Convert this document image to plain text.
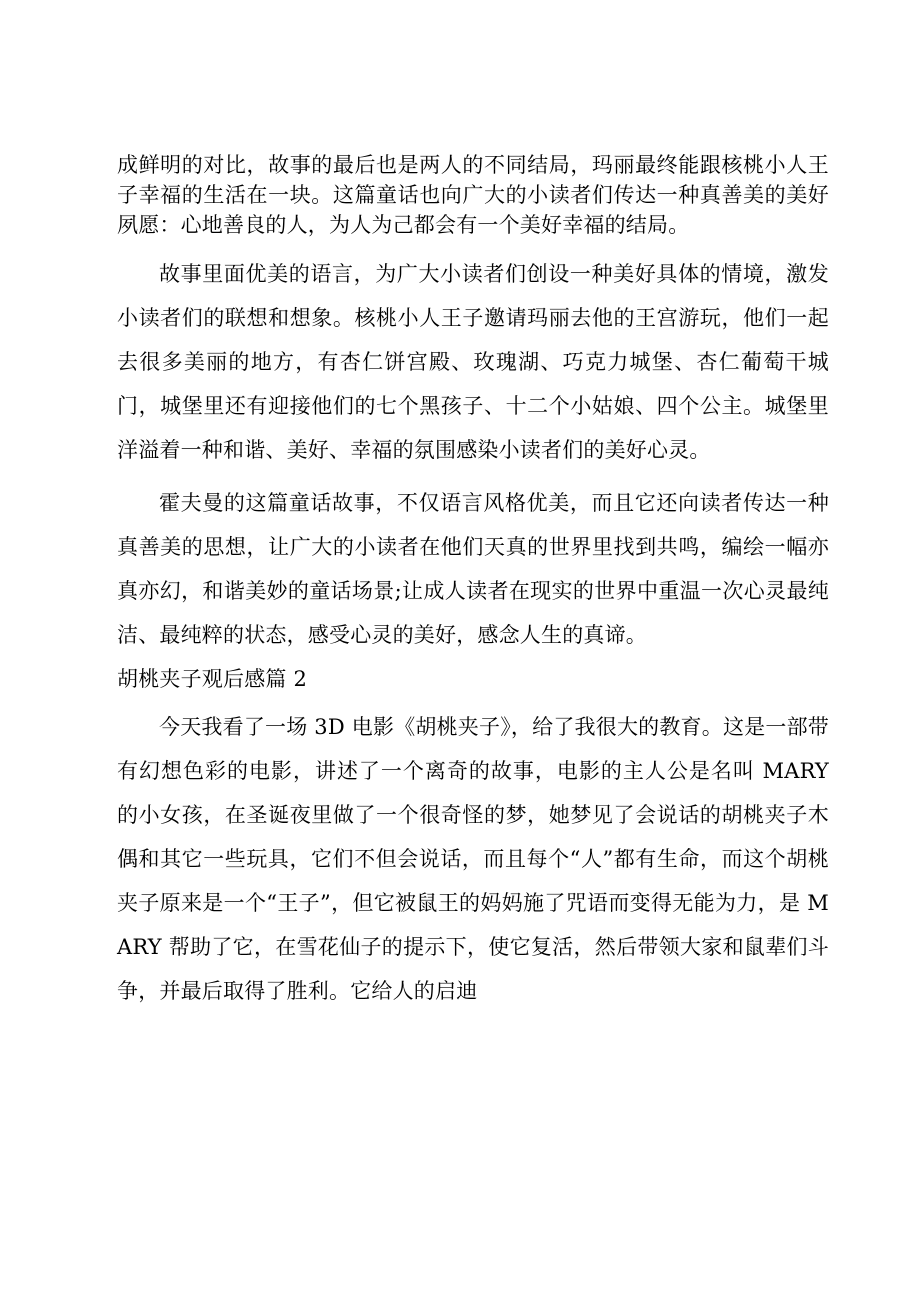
成鲜明的对比，故事的最后也是两人的不同结局，玛丽最终能跟核桃小人王子幸福的生活在一块。这篇童话也向广大的小读者们传达一种真善美的美好夙愿：心地善良的人，为人为己都会有一个美好幸福的结局。

故事里面优美的语言，为广大小读者们创设一种美好具体的情境，激发小读者们的联想和想象。核桃小人王子邀请玛丽去他的王宫游玩，他们一起去很多美丽的地方，有杏仁饼宫殿、玫瑰湖、巧克力城堡、杏仁葡萄干城门，城堡里还有迎接他们的七个黑孩子、十二个小姑娘、四个公主。城堡里洋溢着一种和谐、美好、幸福的氛围感染小读者们的美好心灵。

霍夫曼的这篇童话故事，不仅语言风格优美，而且它还向读者传达一种真善美的思想，让广大的小读者在他们天真的世界里找到共鸣，编绘一幅亦真亦幻，和谐美妙的童话场景;让成人读者在现实的世界中重温一次心灵最纯洁、最纯粹的状态，感受心灵的美好，感念人生的真谛。

胡桃夹子观后感篇 2

今天我看了一场 3D 电影《胡桃夹子》，给了我很大的教育。这是一部带有幻想色彩的电影，讲述了一个离奇的故事，电影的主人公是名叫 MARY 的小女孩，在圣诞夜里做了一个很奇怪的梦，她梦见了会说话的胡桃夹子木偶和其它一些玩具，它们不但会说话，而且每个“人”都有生命，而这个胡桃夹子原来是一个“王子”，但它被鼠王的妈妈施了咒语而变得无能为力，是 MARY 帮助了它，在雪花仙子的提示下，使它复活，然后带领大家和鼠辈们斗争，并最后取得了胜利。它给人的启迪
